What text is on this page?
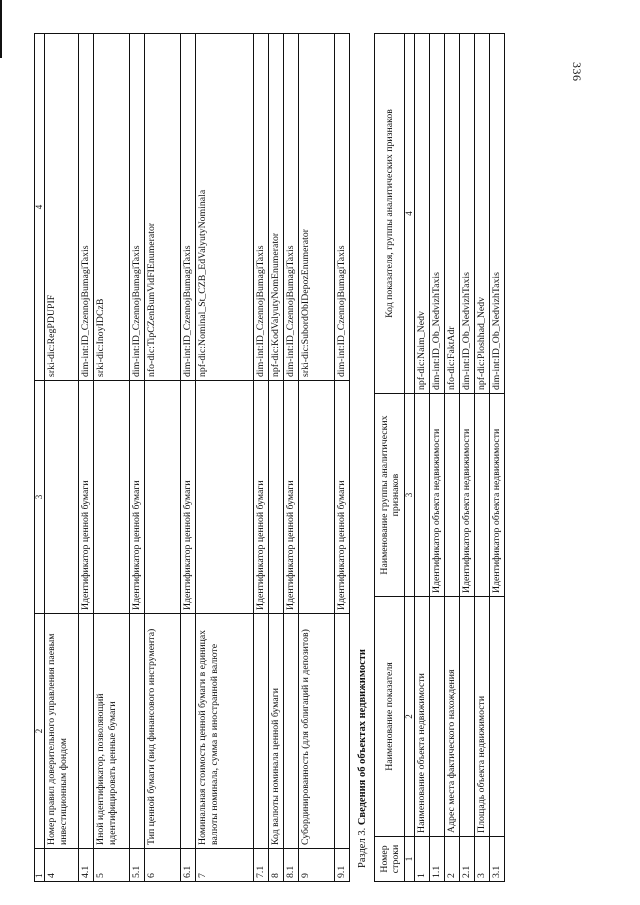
336
1	2	3	4
4	Номер правил доверительного управления паевым инвестиционным фондом		srki-dic:RegPDUPIF
4.1		Идентификатор ценной бумаги	dim-int:ID_CzennojBumagiTaxis
5	Иной идентификатор, позволяющий идентифицировать ценные бумаги		srki-dic:InoyIDCzB
5.1		Идентификатор ценной бумаги	dim-int:ID_CzennojBumagiTaxis
6	Тип ценной бумаги (вид финансового инструмента)		nfo-dic:TipCZenBumVidFIEnumerator
6.1		Идентификатор ценной бумаги	dim-int:ID_CzennojBumagiTaxis
7	Номинальная стоимость ценной бумаги в единицах валюты номинала, сумма в иностранной валюте		npf-dic:Nominal_St_CZB_EdValyutyNominala
7.1		Идентификатор ценной бумаги	dim-int:ID_CzennojBumagiTaxis
8	Код валюты номинала ценной бумаги		npf-dic:KodValyutyNomEnumerator
8.1		Идентификатор ценной бумаги	dim-int:ID_CzennojBumagiTaxis
9	Субординированность (для облигаций и депозитов)		srki-dic:SubordObIDepozEnumerator
9.1		Идентификатор ценной бумаги	dim-int:ID_CzennojBumagiTaxis
Раздел 3. Сведения об объектах недвижимости
Номер строки	Наименование показателя	Наименование группы аналитических признаков	Код показателя, группы аналитических признаков
1	2	3	4
1	Наименование объекта недвижимости		npf-dic:Naim_Nedv
1.1		Идентификатор объекта недвижимости	dim-int:ID_Ob_NedvizhTaxis
2	Адрес места фактического нахождения		nfo-dic:FaktAdr
2.1		Идентификатор объекта недвижимости	dim-int:ID_Ob_NedvizhTaxis
3	Площадь объекта недвижимости		npf-dic:Ploshhad_Nedv
3.1		Идентификатор объекта недвижимости	dim-int:ID_Ob_NedvizhTaxis
